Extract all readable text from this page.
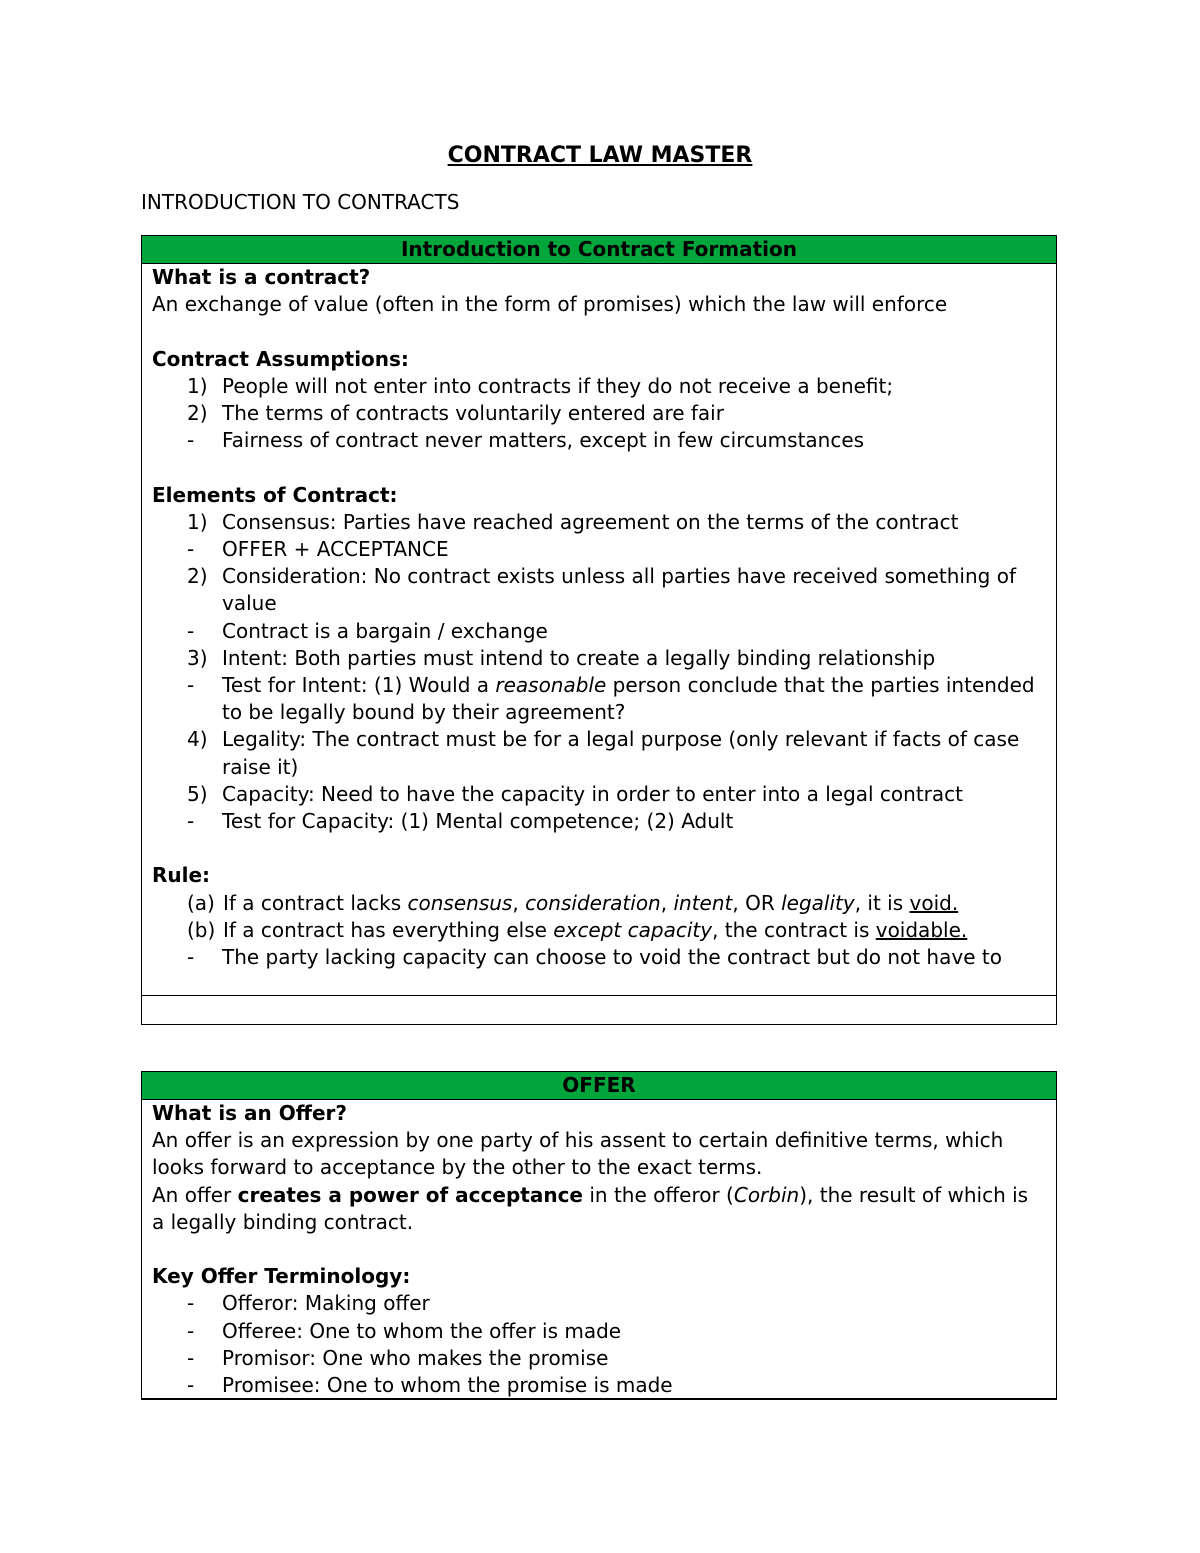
CONTRACT LAW MASTER
INTRODUCTION TO CONTRACTS
Introduction to Contract Formation

What is a contract?

An exchange of value (often in the form of promises) which the law will enforce

Contract Assumptions:

1) People will not enter into contracts if they do not receive a benefit;
2) The terms of contracts voluntarily entered are fair
-	Fairness of contract never matters, except in few circumstances

Elements of Contract:

1) Consensus: Parties have reached agreement on the terms of the contract
-	OFFER + ACCEPTANCE
2) Consideration: No contract exists unless all parties have received something of value
-	Contract is a bargain / exchange
3) Intent: Both parties must intend to create a legally binding relationship
-	Test for Intent: (1) Would a reasonable person conclude that the parties intended to be legally bound by their agreement?
4) Legality: The contract must be for a legal purpose (only relevant if facts of case raise it)
5) Capacity: Need to have the capacity in order to enter into a legal contract
-	Test for Capacity: (1) Mental competence; (2) Adult

Rule:

(a) If a contract lacks consensus, consideration, intent, OR legality, it is void.
(b) If a contract has everything else except capacity, the contract is voidable.
-	The party lacking capacity can choose to void the contract but do not have to
OFFER

What is an Offer?

An offer is an expression by one party of his assent to certain definitive terms, which looks forward to acceptance by the other to the exact terms.

An offer creates a power of acceptance in the offeror (Corbin), the result of which is a legally binding contract.

Key Offer Terminology:

-	Offeror: Making offer
-	Offeree: One to whom the offer is made
-	Promisor: One who makes the promise
-	Promisee: One to whom the promise is made
